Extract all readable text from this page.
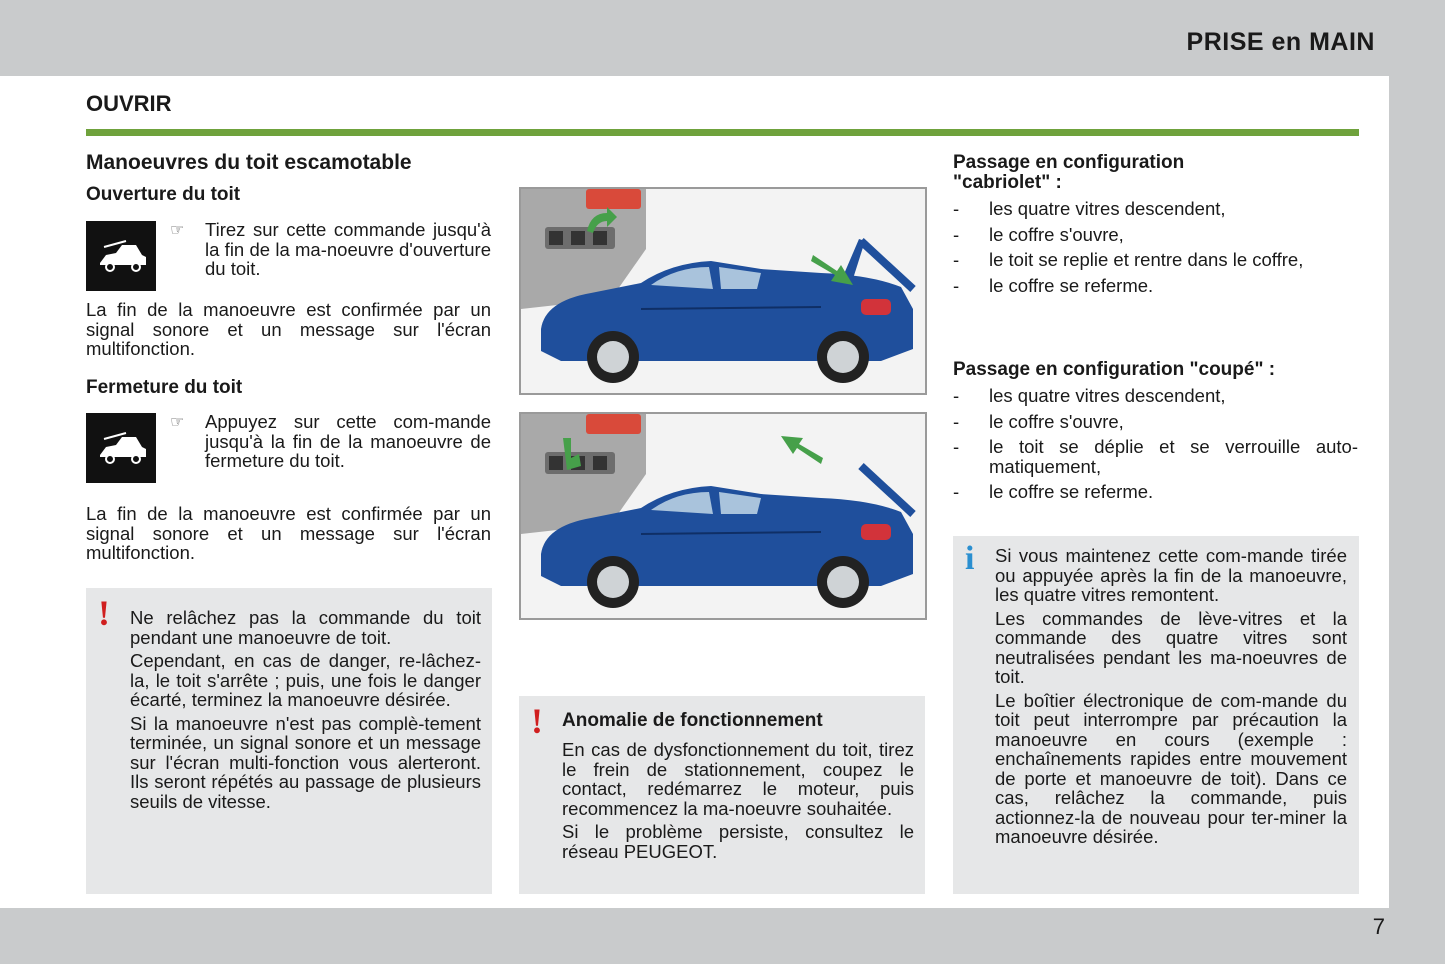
PRISE en MAIN
OUVRIR
Manoeuvres du toit escamotable
Ouverture du toit
☞ Tirez sur cette commande jusqu'à la fin de la ma-noeuvre d'ouverture du toit.
La fin de la manoeuvre est confirmée par un signal sonore et un message sur l'écran multifonction.
Fermeture du toit
☞ Appuyez sur cette com-mande jusqu'à la fin de la manoeuvre de fermeture du toit.
La fin de la manoeuvre est confirmée par un signal sonore et un message sur l'écran multifonction.
! Ne relâchez pas la commande du toit pendant une manoeuvre de toit.

Cependant, en cas de danger, re-lâchez-la, le toit s'arrête ; puis, une fois le danger écarté, terminez la manoeuvre désirée.

Si la manoeuvre n'est pas complè-tement terminée, un signal sonore et un message sur l'écran multi-fonction vous alerteront. Ils seront répétés au passage de plusieurs seuils de vitesse.

! Anomalie de fonctionnement

En cas de dysfonctionnement du toit, tirez le frein de stationnement, coupez le contact, redémarrez le moteur, puis recommencez la ma-noeuvre souhaitée.

Si le problème persiste, consultez le réseau PEUGEOT.

Passage en configuration
"cabriolet" :
- les quatre vitres descendent,
- le coffre s'ouvre,
- le toit se replie et rentre dans le coffre,
- le coffre se referme.
Passage en configuration "coupé" :
- les quatre vitres descendent,
- le coffre s'ouvre,
- le toit se déplie et se verrouille auto-matiquement,
- le coffre se referme.
i Si vous maintenez cette com-mande tirée ou appuyée après la fin de la manoeuvre, les quatre vitres remontent.

Les commandes de lève-vitres et la commande des quatre vitres sont neutralisées pendant les ma-noeuvres de toit.

Le boîtier électronique de com-mande du toit peut interrompre par précaution la manoeuvre en cours (exemple : enchaînements rapides entre mouvement de porte et manoeuvre de toit). Dans ce cas, relâchez la commande, puis actionnez-la de nouveau pour ter-miner la manoeuvre désirée.

7
